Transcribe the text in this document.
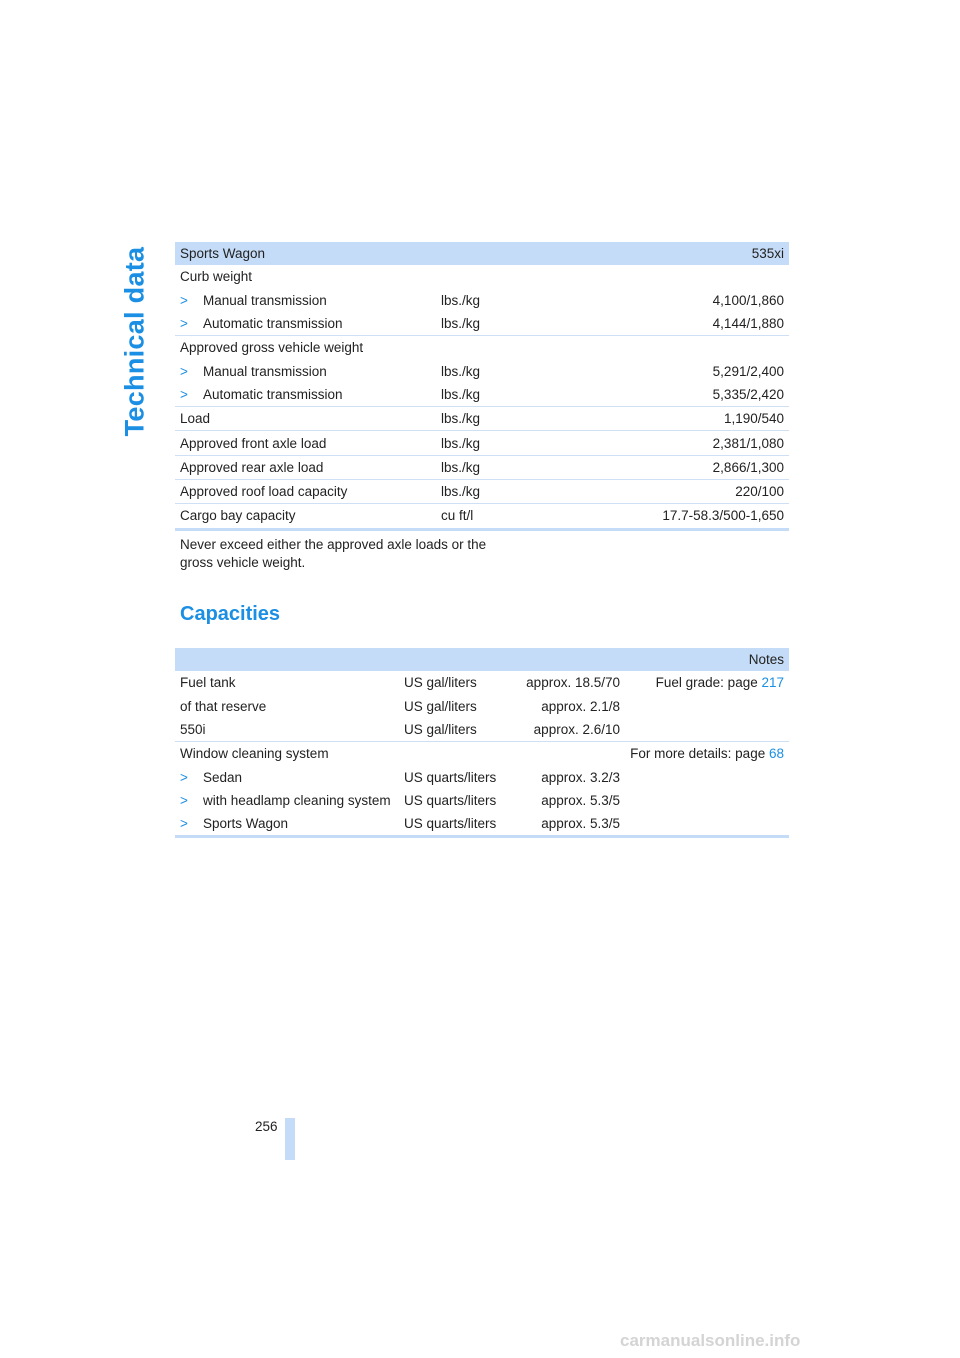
Technical data Sports Wagon		535xi
Curb weight		
> Manual transmission	lbs./kg	4,100/1,860
> Automatic transmission	lbs./kg	4,144/1,880
Approved gross vehicle weight		
> Manual transmission	lbs./kg	5,291/2,400
> Automatic transmission	lbs./kg	5,335/2,420
Load	lbs./kg	1,190/540
Approved front axle load	lbs./kg	2,381/1,080
Approved rear axle load	lbs./kg	2,866/1,300
Approved roof load capacity	lbs./kg	220/100
Cargo bay capacity	cu ft/l	17.7-58.3/500-1,650
Never exceed either the approved axle loads or the gross vehicle weight.
Capacities
			Notes
Fuel tank	US gal/liters	approx. 18.5/70	Fuel grade: page 217
of that reserve	US gal/liters	approx. 2.1/8	
550i	US gal/liters	approx. 2.6/10	
Window cleaning system			For more details: page 68
> Sedan	US quarts/liters	approx. 3.2/3	
> with headlamp cleaning system	US quarts/liters	approx. 5.3/5	
> Sports Wagon	US quarts/liters	approx. 5.3/5	
256
carmanualsonline.info
